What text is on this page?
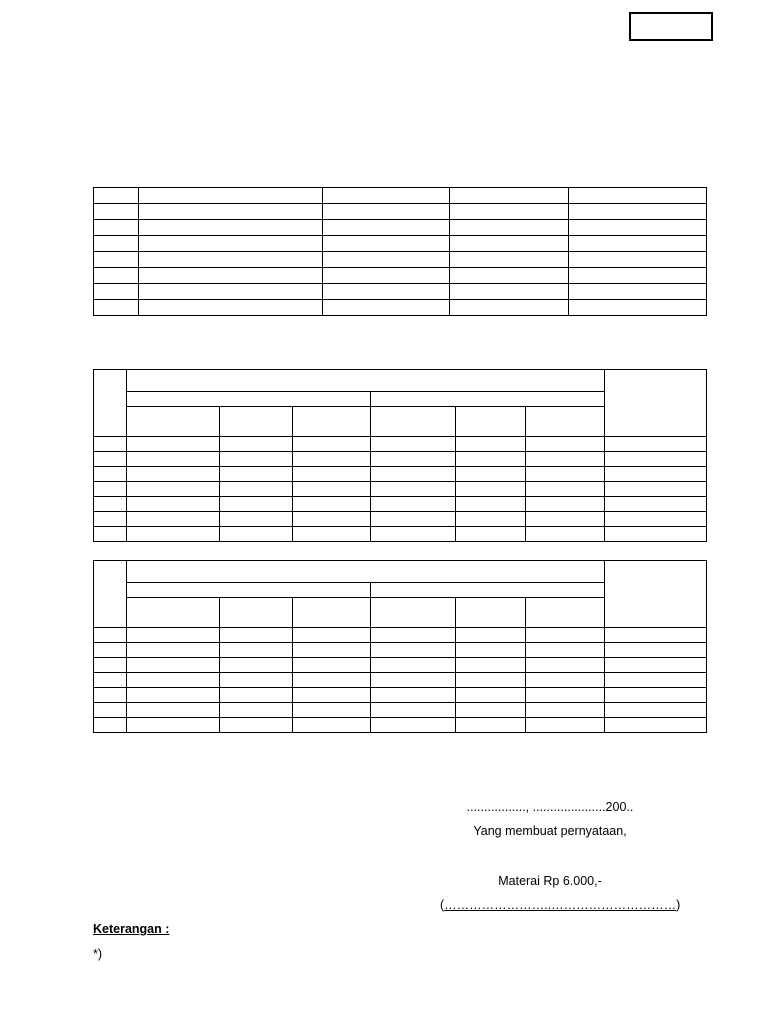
................., .....................200..
Yang membuat pernyataan,
Materai Rp 6.000,-
(……………………..…………………………)
Keterangan :
*)
